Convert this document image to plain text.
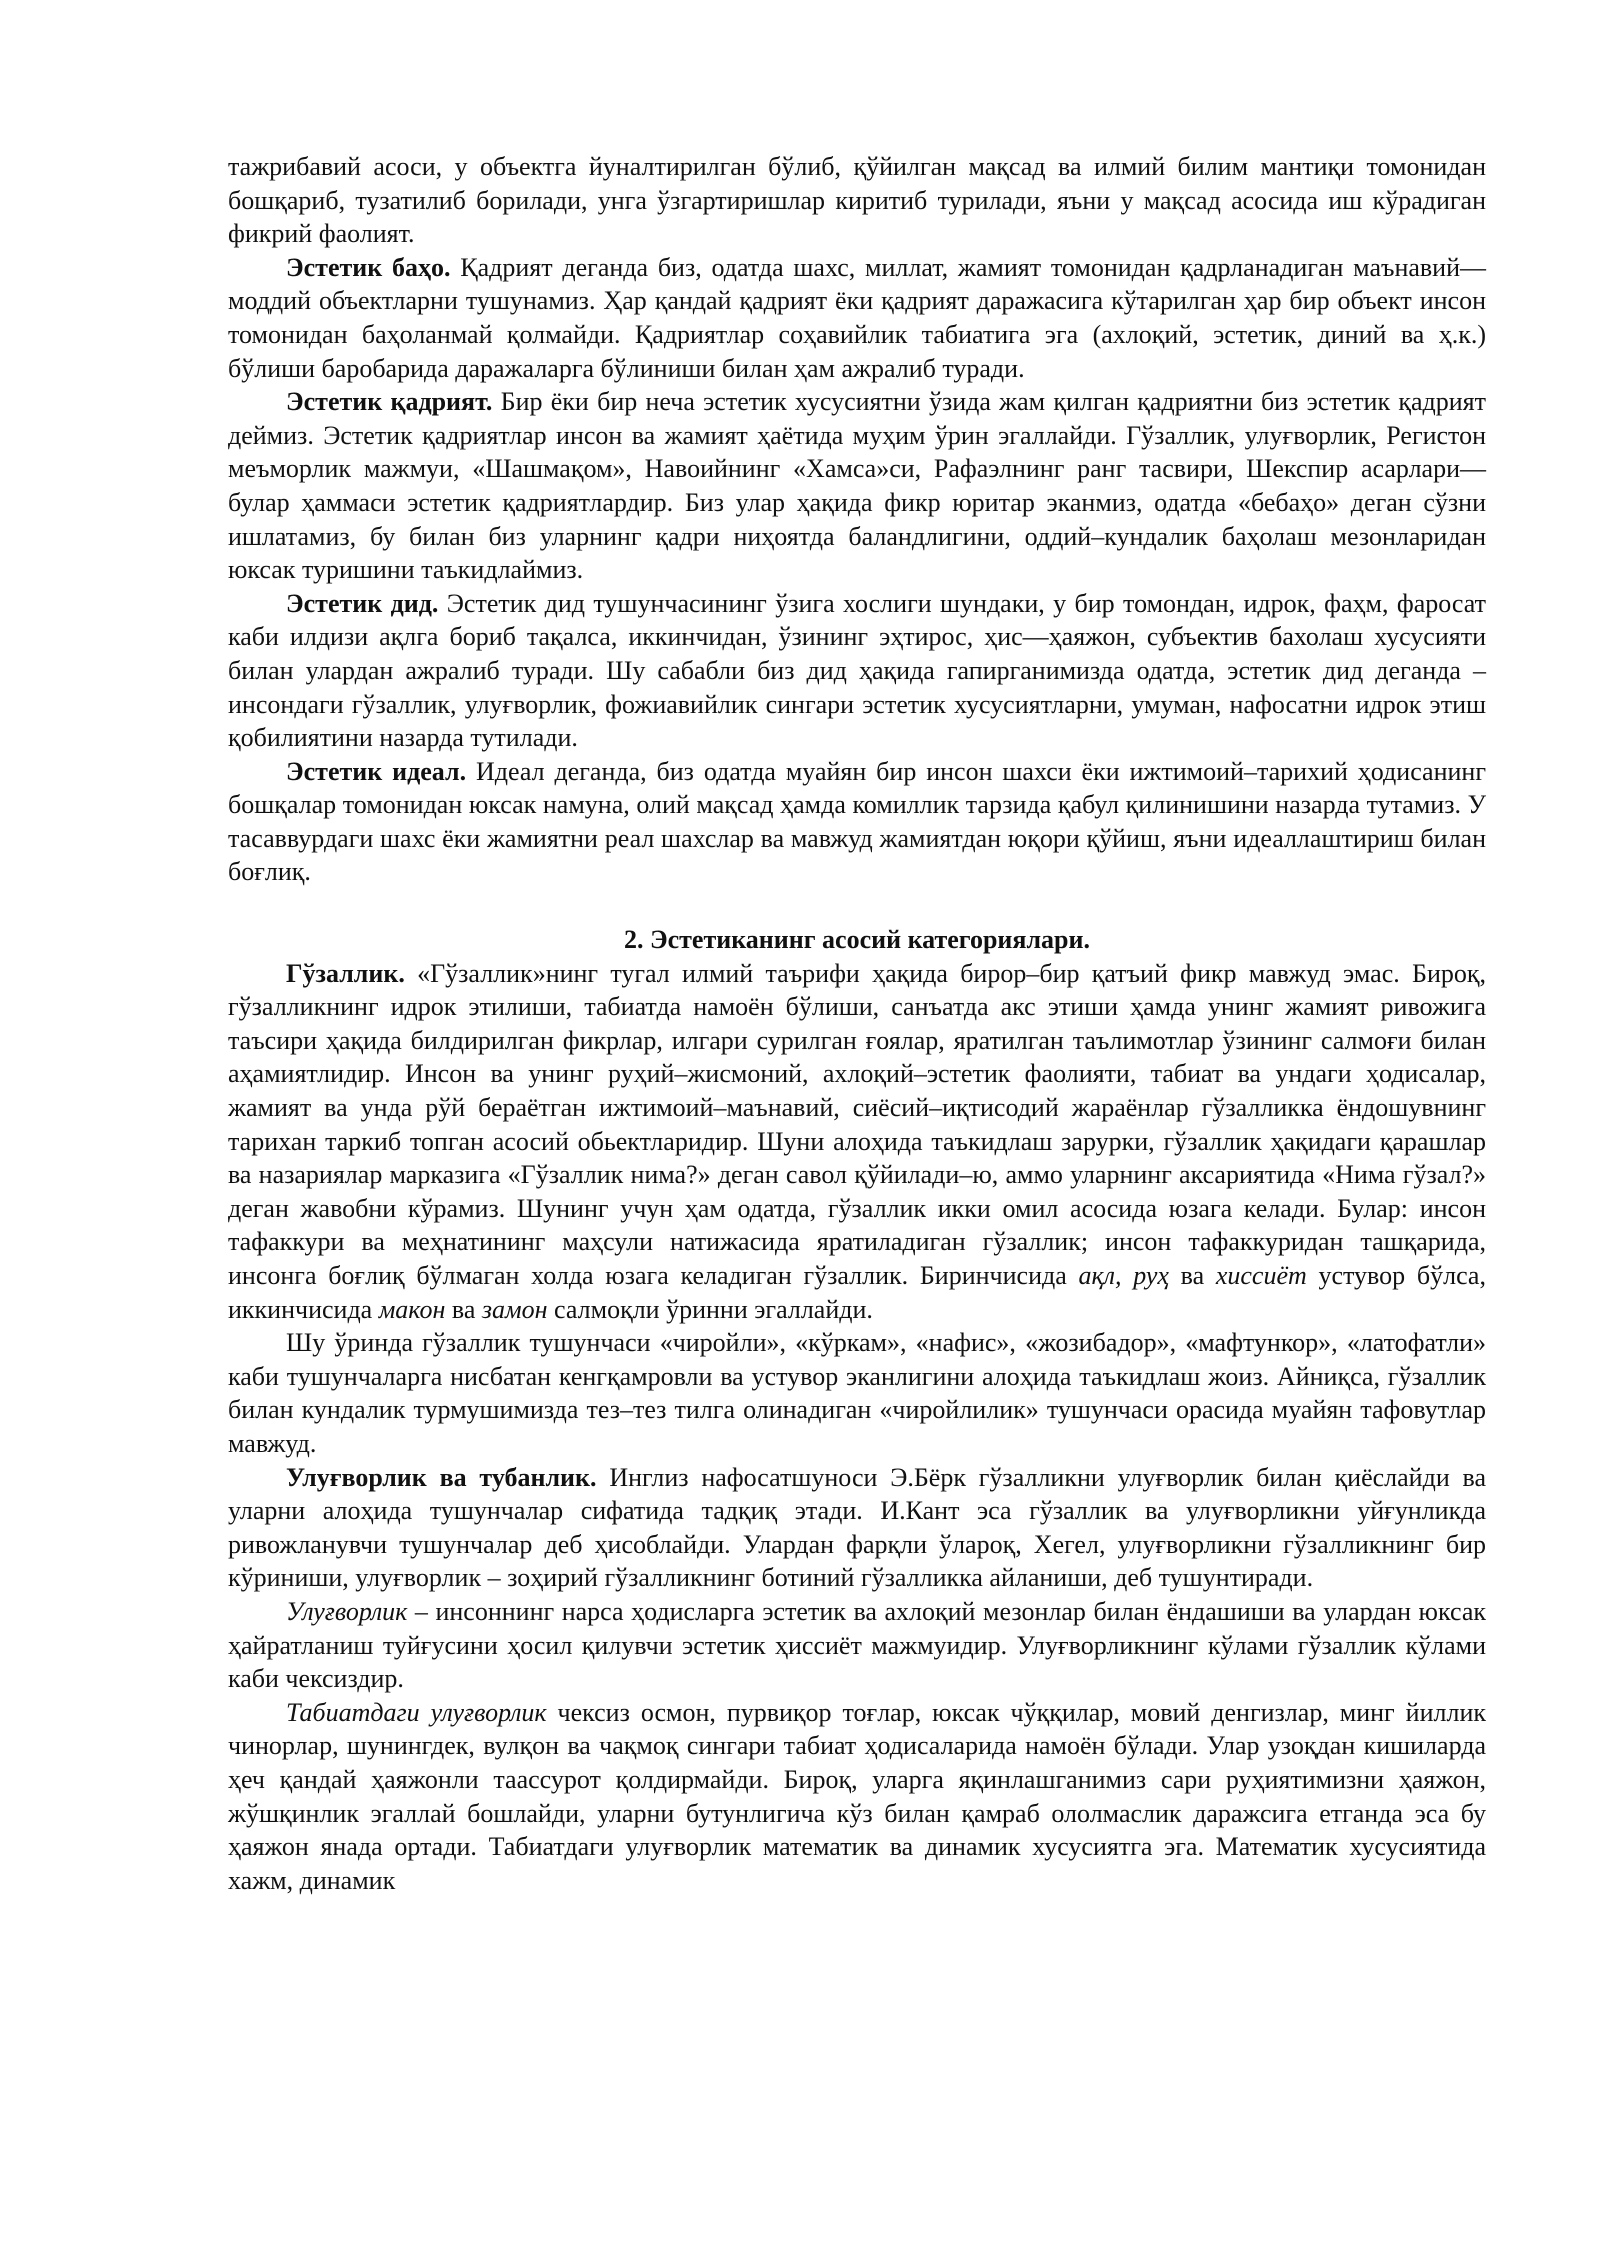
тажрибавий асоси, у объектга йуналтирилган бўлиб, қўйилган мақсад ва илмий билим мантиқи томонидан бошқариб, тузатилиб борилади, унга ўзгартиришлар киритиб турилади, яъни у мақсад асосида иш кўрадиган фикрий фаолият.

Эстетик баҳо. Қадрият деганда биз, одатда шахс, миллат, жамият томонидан қадрланадиган маънавий—моддий объектларни тушунамиз. Ҳар қандай қадрият ёки қадрият даражасига кўтарилган ҳар бир объект инсон томонидан баҳоланмай қолмайди. Қадриятлар соҳавийлик табиатига эга (ахлоқий, эстетик, диний ва ҳ.к.) бўлиши баробарида даражаларга бўлиниши билан ҳам ажралиб туради.

Эстетик қадрият. Бир ёки бир неча эстетик хусусиятни ўзида жам қилган қадриятни биз эстетик қадрият деймиз. Эстетик қадриятлар инсон ва жамият ҳаётида муҳим ўрин эгаллайди. Гўзаллик, улуғворлик, Регистон меъморлик мажмуи, «Шашмақом», Навоийнинг «Хамса»си, Рафаэлнинг ранг тасвири, Шекспир асарлари—булар ҳаммаси эстетик қадриятлардир. Биз улар ҳақида фикр юритар эканмиз, одатда «бебаҳо» деган сўзни ишлатамиз, бу билан биз уларнинг қадри ниҳоятда баландлигини, оддий–кундалик баҳолаш мезонларидан юксак туришини таъкидлаймиз.

Эстетик дид. Эстетик дид тушунчасининг ўзига хослиги шундаки, у бир томондан, идрок, фаҳм, фаросат каби илдизи ақлга бориб тақалса, иккинчидан, ўзининг эҳтирос, ҳис—ҳаяжон, субъектив бахолаш хусусияти билан улардан ажралиб туради. Шу сабабли биз дид ҳақида гапирганимизда одатда, эстетик дид деганда – инсондаги гўзаллик, улуғворлик, фожиавийлик сингари эстетик хусусиятларни, умуман, нафосатни идрок этиш қобилиятини назарда тутилади.

Эстетик идеал. Идеал деганда, биз одатда муайян бир инсон шахси ёки ижтимоий–тарихий ҳодисанинг бошқалар томонидан юксак намуна, олий мақсад ҳамда комиллик тарзида қабул қилинишини назарда тутамиз. У тасаввурдаги шахс ёки жамиятни реал шахслар ва мавжуд жамиятдан юқори қўйиш, яъни идеаллаштириш билан боғлиқ.

2. Эстетиканинг асосий категориялари.

Гўзаллик. «Гўзаллик»нинг тугал илмий таърифи ҳақида бирор–бир қатъий фикр мавжуд эмас. Бироқ, гўзалликнинг идрок этилиши, табиатда намоён бўлиши, санъатда акс этиши ҳамда унинг жамият ривожига таъсири ҳақида билдирилган фикрлар, илгари сурилган ғоялар, яратилган таълимотлар ўзининг салмоғи билан аҳамиятлидир. Инсон ва унинг руҳий–жисмоний, ахлоқий–эстетик фаолияти, табиат ва ундаги ҳодисалар, жамият ва унда рўй бераётган ижтимоий–маънавий, сиёсий–иқтисодий жараёнлар гўзалликка ёндошувнинг тарихан таркиб топган асосий обьектларидир. Шуни алоҳида таъкидлаш зарурки, гўзаллик ҳақидаги қарашлар ва назариялар марказига «Гўзаллик нима?» деган савол қўйилади–ю, аммо уларнинг аксариятида «Нима гўзал?» деган жавобни кўрамиз. Шунинг учун ҳам одатда, гўзаллик икки омил асосида юзага келади. Булар: инсон тафаккури ва меҳнатининг маҳсули натижасида яратиладиган гўзаллик; инсон тафаккуридан ташқарида, инсонга боғлиқ бўлмаган холда юзага келадиган гўзаллик. Биринчисида ақл, руҳ ва хиссиёт устувор бўлса, иккинчисида макон ва замон салмоқли ўринни эгаллайди.

Шу ўринда гўзаллик тушунчаси «чиройли», «кўркам», «нафис», «жозибадор», «мафтункор», «латофатли» каби тушунчаларга нисбатан кенгқамровли ва устувор эканлигини алоҳида таъкидлаш жоиз. Айниқса, гўзаллик билан кундалик турмушимизда тез–тез тилга олинадиган «чиройлилик» тушунчаси орасида муайян тафовутлар мавжуд.

Улуғворлик ва тубанлик. Инглиз нафосатшуноси Э.Бёрк гўзалликни улуғворлик билан қиёслайди ва уларни алоҳида тушунчалар сифатида тадқиқ этади. И.Кант эса гўзаллик ва улуғворликни уйғунликда ривожланувчи тушунчалар деб ҳисоблайди. Улардан фарқли ўлароқ, Хегел, улуғворликни гўзалликнинг бир кўриниши, улуғворлик – зоҳирий гўзалликнинг ботиний гўзалликка айланиши, деб тушунтиради.

Улуғворлик – инсоннинг нарса ҳодисларга эстетик ва ахлоқий мезонлар билан ёндашиши ва улардан юксак ҳайратланиш туйғусини ҳосил қилувчи эстетик ҳиссиёт мажмуидир. Улуғворликнинг кўлами гўзаллик кўлами каби чексиздир.

Табиатдаги улуғворлик чексиз осмон, пурвиқор тоғлар, юксак чўққилар, мовий денгизлар, минг йиллик чинорлар, шунингдек, вулқон ва чақмоқ сингари табиат ҳодисаларида намоён бўлади. Улар узоқдан кишиларда ҳеч қандай ҳаяжонли таассурот қолдирмайди. Бироқ, уларга яқинлашганимиз сари руҳиятимизни ҳаяжон, жўшқинлик эгаллай бошлайди, уларни бутунлигича кўз билан қамраб ололмаслик даражсига етганда эса бу ҳаяжон янада ортади. Табиатдаги улуғворлик математик ва динамик хусусиятга эга. Математик хусусиятида хажм, динамик
